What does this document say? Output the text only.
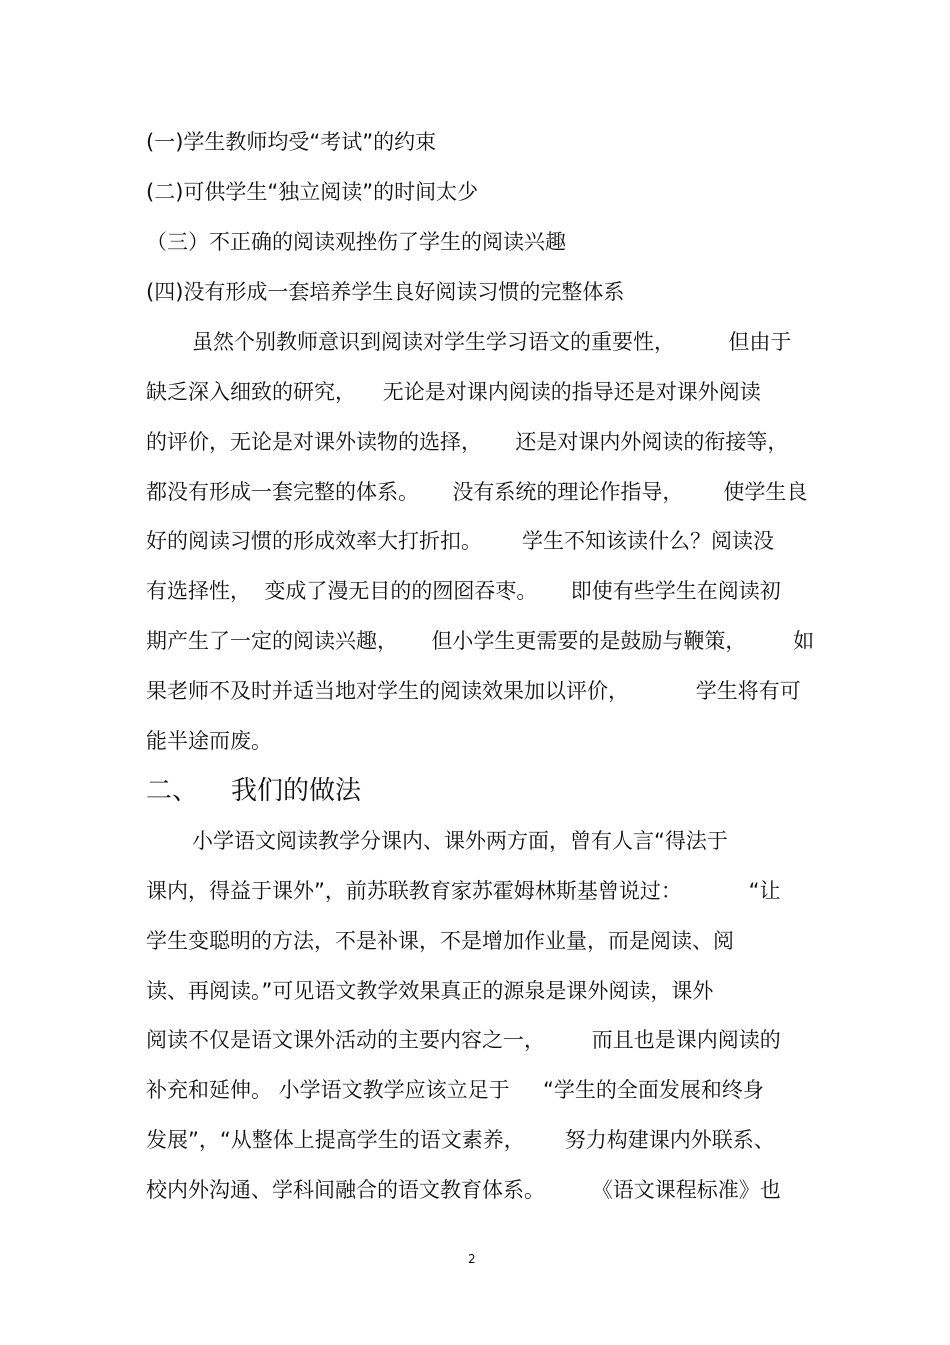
(一)学生教师均受“考试”的约束
(二)可供学生“独立阅读”的时间太少
（三）不正确的阅读观挫伤了学生的阅读兴趣
(四)没有形成一套培养学生良好阅读习惯的完整体系
虽然个别教师意识到阅读对学生学习语文的重要性，        但由于
缺乏深入细致的研究，    无论是对课内阅读的指导还是对课外阅读
的评价，无论是对课外读物的选择，     还是对课内外阅读的衔接等，
都没有形成一套完整的体系。     没有系统的理论作指导，      使学生良
好的阅读习惯的形成效率大打折扣。      学生不知该读什么？阅读没
有选择性，  变成了漫无目的的囫囵吞枣。     即使有些学生在阅读初
期产生了一定的阅读兴趣，     但小学生更需要的是鼓励与鞭策，       如
果老师不及时并适当地对学生的阅读效果加以评价，          学生将有可
能半途而废。
二、    我们的做法
小学语文阅读教学分课内、课外两方面，曾有人言“得法于
课内，得益于课外”，前苏联教育家苏霍姆林斯基曾说过：          “让
学生变聪明的方法，不是补课，不是增加作业量，而是阅读、阅
读、再阅读。”可见语文教学效果真正的源泉是课外阅读，课外
阅读不仅是语文课外活动的主要内容之一，       而且也是课内阅读的
补充和延伸。 小学语文教学应该立足于     “学生的全面发展和终身
发展”，“从整体上提高学生的语文素养，      努力构建课内外联系、
校内外沟通、学科间融合的语文教育体系。       《语文课程标准》也
2
